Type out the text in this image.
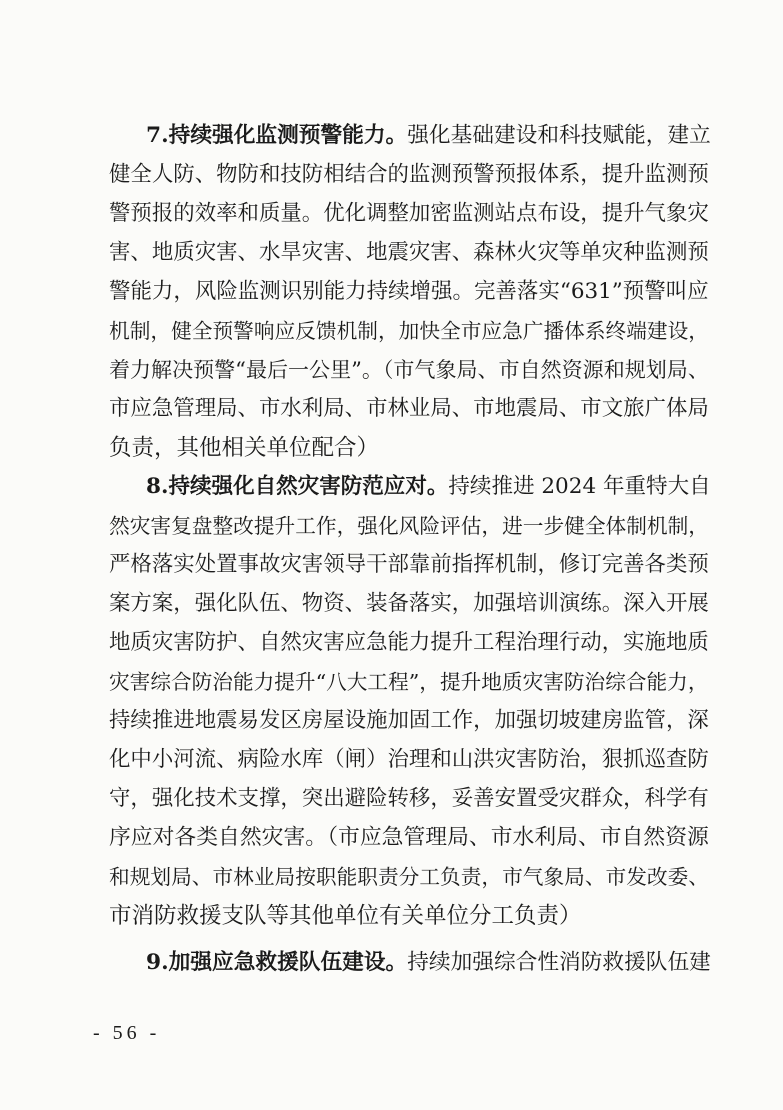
7.持续强化监测预警能力。强化基础建设和科技赋能，建立
健全人防、物防和技防相结合的监测预警预报体系，提升监测预
警预报的效率和质量。优化调整加密监测站点布设，提升气象灾
害、地质灾害、水旱灾害、地震灾害、森林火灾等单灾种监测预
警能力，风险监测识别能力持续增强。完善落实“631”预警叫应
机制，健全预警响应反馈机制，加快全市应急广播体系终端建设，
着力解决预警“最后一公里”。（市气象局、市自然资源和规划局、
市应急管理局、市水利局、市林业局、市地震局、市文旅广体局
负责，其他相关单位配合）
8.持续强化自然灾害防范应对。持续推进 2024 年重特大自
然灾害复盘整改提升工作，强化风险评估，进一步健全体制机制，
严格落实处置事故灾害领导干部靠前指挥机制，修订完善各类预
案方案，强化队伍、物资、装备落实，加强培训演练。深入开展
地质灾害防护、自然灾害应急能力提升工程治理行动，实施地质
灾害综合防治能力提升“八大工程”，提升地质灾害防治综合能力，
持续推进地震易发区房屋设施加固工作，加强切坡建房监管，深
化中小河流、病险水库（闸）治理和山洪灾害防治，狠抓巡查防
守，强化技术支撑，突出避险转移，妥善安置受灾群众，科学有
序应对各类自然灾害。（市应急管理局、市水利局、市自然资源
和规划局、市林业局按职能职责分工负责，市气象局、市发改委、
市消防救援支队等其他单位有关单位分工负责）
9.加强应急救援队伍建设。持续加强综合性消防救援队伍建
- 56 -
